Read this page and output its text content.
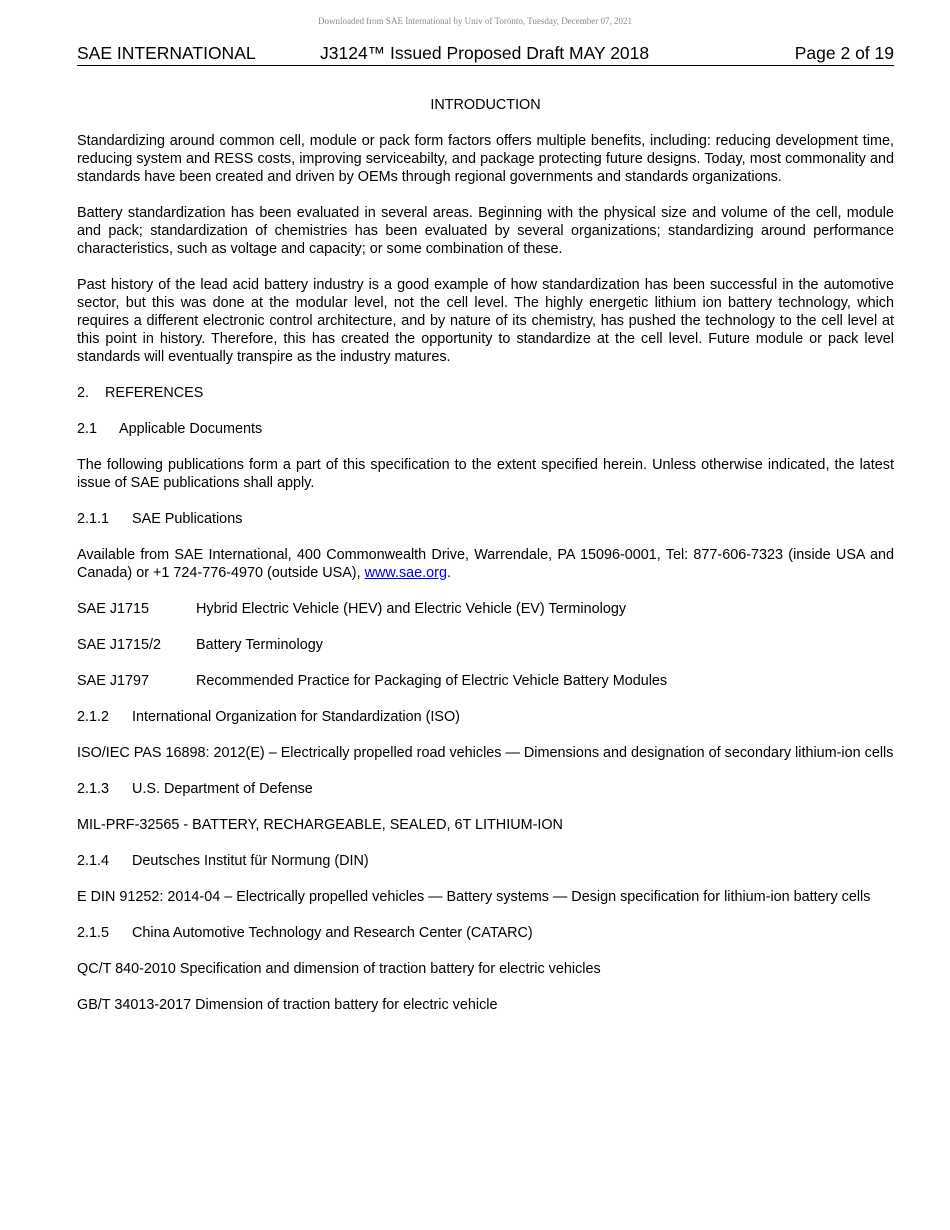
Downloaded from SAE International by Univ of Toronto, Tuesday, December 07, 2021
SAE INTERNATIONAL	J3124™ Issued Proposed Draft MAY 2018	Page 2 of 19

INTRODUCTION

Standardizing around common cell, module or pack form factors offers multiple benefits, including: reducing development time, reducing system and RESS costs, improving serviceabilty, and package protecting future designs. Today, most commonality and standards have been created and driven by OEMs through regional governments and standards organizations.

Battery standardization has been evaluated in several areas. Beginning with the physical size and volume of the cell, module and pack; standardization of chemistries has been evaluated by several organizations; standardizing around performance characteristics, such as voltage and capacity; or some combination of these.

Past history of the lead acid battery industry is a good example of how standardization has been successful in the automotive sector, but this was done at the modular level, not the cell level. The highly energetic lithium ion battery technology, which requires a different electronic control architecture, and by nature of its chemistry, has pushed the technology to the cell level at this point in history. Therefore, this has created the opportunity to standardize at the cell level. Future module or pack level standards will eventually transpire as the industry matures.

2. REFERENCES

2.1 Applicable Documents

The following publications form a part of this specification to the extent specified herein. Unless otherwise indicated, the latest issue of SAE publications shall apply.

2.1.1 SAE Publications

Available from SAE International, 400 Commonwealth Drive, Warrendale, PA 15096-0001, Tel: 877-606-7323 (inside USA and Canada) or +1 724-776-4970 (outside USA), www.sae.org.

SAE J1715	Hybrid Electric Vehicle (HEV) and Electric Vehicle (EV) Terminology
SAE J1715/2	Battery Terminology
SAE J1797	Recommended Practice for Packaging of Electric Vehicle Battery Modules

2.1.2 International Organization for Standardization (ISO)

ISO/IEC PAS 16898: 2012(E) – Electrically propelled road vehicles — Dimensions and designation of secondary lithium-ion cells

2.1.3 U.S. Department of Defense

MIL-PRF-32565 - BATTERY, RECHARGEABLE, SEALED, 6T LITHIUM-ION

2.1.4 Deutsches Institut für Normung (DIN)

E DIN 91252: 2014-04 – Electrically propelled vehicles — Battery systems — Design specification for lithium-ion battery cells

2.1.5 China Automotive Technology and Research Center (CATARC)

QC/T 840-2010 Specification and dimension of traction battery for electric vehicles

GB/T 34013-2017 Dimension of traction battery for electric vehicle
